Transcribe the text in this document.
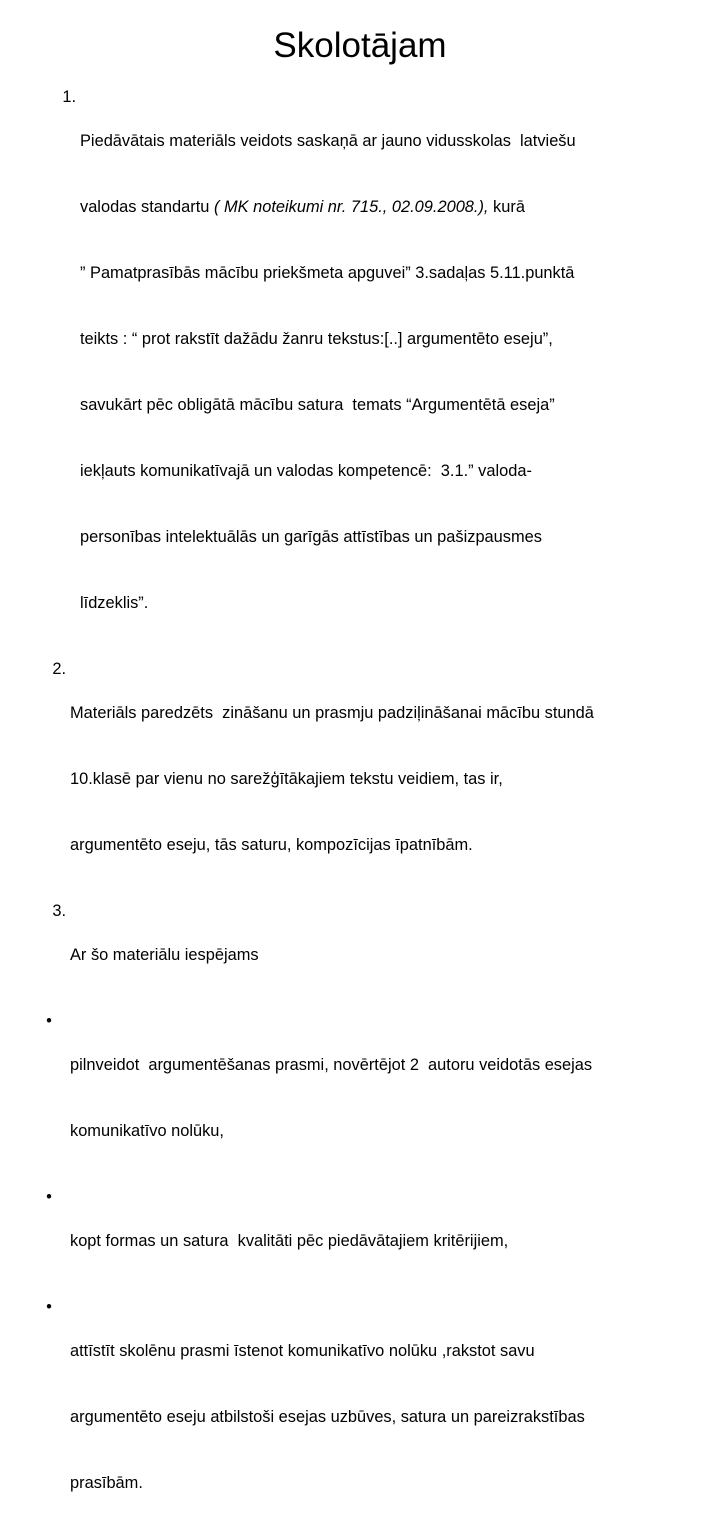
Skolotājam
1.

Piedāvātais materiāls veidots saskaņā ar jauno vidusskolas  latviešu

valodas standartu ( MK noteikumi nr. 715., 02.09.2008.), kurā

” Pamatprasībās mācību priekšmeta apguvei” 3.sadaļas 5.11.punktā

teikts : “ prot rakstīt dažādu žanru tekstus:[..] argumentēto eseju”,

savukārt pēc obligātā mācību satura  temats “Argumentētā eseja”

iekļauts komunikatīvajā un valodas kompetencē:  3.1.” valoda-

personības intelektuālās un garīgās attīstības un pašizpausmes

līdzeklis”.

2.

Materiāls paredzēts  zināšanu un prasmju padziļināšanai mācību stundā

10.klasē par vienu no sarežģītākajiem tekstu veidiem, tas ir,

argumentēto eseju, tās saturu, kompozīcijas īpatnībām.

3.

Ar šo materiālu iespējams

•

pilnveidot  argumentēšanas prasmi, novērtējot 2  autoru veidotās esejas

komunikatīvo nolūku,

•

kopt formas un satura  kvalitāti pēc piedāvātajiem kritērijiem,

•

attīstīt skolēnu prasmi īstenot komunikatīvo nolūku ,rakstot savu

argumentēto eseju atbilstoši esejas uzbūves, satura un pareizrakstības

prasībām.
